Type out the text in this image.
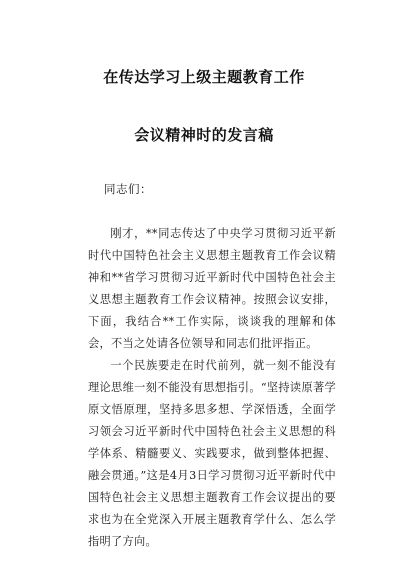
在传达学习上级主题教育工作
会议精神时的发言稿
同志们：

刚才，**同志传达了中央学习贯彻习近平新时代中国特色社会主义思想主题教育工作会议精神和**省学习贯彻习近平新时代中国特色社会主义思想主题教育工作会议精神。按照会议安排，下面，我结合**工作实际，谈谈我的理解和体会，不当之处请各位领导和同志们批评指正。

一个民族要走在时代前列，就一刻不能没有理论思维一刻不能没有思想指引。“坚持读原著学原文悟原理，坚持多思多想、学深悟透，全面学习领会习近平新时代中国特色社会主义思想的科学体系、精髓要义、实践要求，做到整体把握、融会贯通。”这是4月3日学习贯彻习近平新时代中国特色社会主义思想主题教育工作会议提出的要求也为在全党深入开展主题教育学什么、怎么学指明了方向。
